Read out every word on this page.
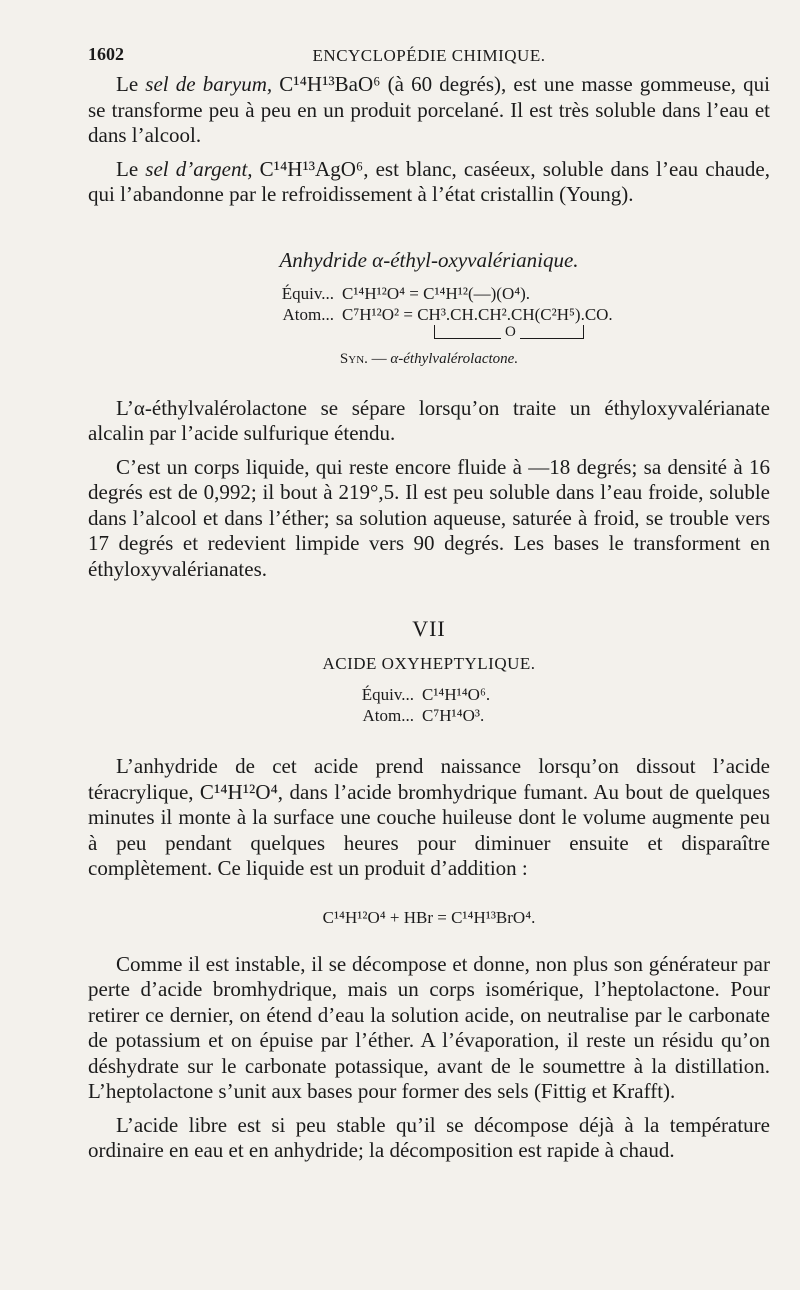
1602	ENCYCLOPÉDIE CHIMIQUE.

Le sel de baryum, C¹⁴H¹³BaO⁶ (à 60 degrés), est une masse gommeuse, qui se transforme peu à peu en un produit porcelané. Il est très soluble dans l’eau et dans l’alcool.

Le sel d’argent, C¹⁴H¹³AgO⁶, est blanc, caséeux, soluble dans l’eau chaude, qui l’abandonne par le refroidissement à l’état cristallin (Young).

Anhydride α-éthyl-oxyvalérianique.
Équiv... C¹⁴H¹²O⁴ = C¹⁴H¹²(—)(O⁴).
Atom... C⁷H¹²O² = CH³.CH.CH².CH(C²H⁵).CO.
O
Syn. — α-éthylvalérolactone.

L’α-éthylvalérolactone se sépare lorsqu’on traite un éthyloxyvalérianate alcalin par l’acide sulfurique étendu.

C’est un corps liquide, qui reste encore fluide à —18 degrés; sa densité à 16 degrés est de 0,992; il bout à 219°,5. Il est peu soluble dans l’eau froide, soluble dans l’alcool et dans l’éther; sa solution aqueuse, saturée à froid, se trouble vers 17 degrés et redevient limpide vers 90 degrés. Les bases le transforment en éthyloxyvalérianates.

VII
ACIDE OXYHEPTYLIQUE.
Équiv... C¹⁴H¹⁴O⁶.
Atom... C⁷H¹⁴O³.

L’anhydride de cet acide prend naissance lorsqu’on dissout l’acide téracrylique, C¹⁴H¹²O⁴, dans l’acide bromhydrique fumant. Au bout de quelques minutes il monte à la surface une couche huileuse dont le volume augmente peu à peu pendant quelques heures pour diminuer ensuite et disparaître complètement. Ce liquide est un produit d’addition :

C¹⁴H¹²O⁴ + HBr = C¹⁴H¹³BrO⁴.

Comme il est instable, il se décompose et donne, non plus son générateur par perte d’acide bromhydrique, mais un corps isomérique, l’heptolactone. Pour retirer ce dernier, on étend d’eau la solution acide, on neutralise par le carbonate de potassium et on épuise par l’éther. A l’évaporation, il reste un résidu qu’on déshydrate sur le carbonate potassique, avant de le soumettre à la distillation. L’heptolactone s’unit aux bases pour former des sels (Fittig et Krafft).

L’acide libre est si peu stable qu’il se décompose déjà à la température ordinaire en eau et en anhydride; la décomposition est rapide à chaud.
